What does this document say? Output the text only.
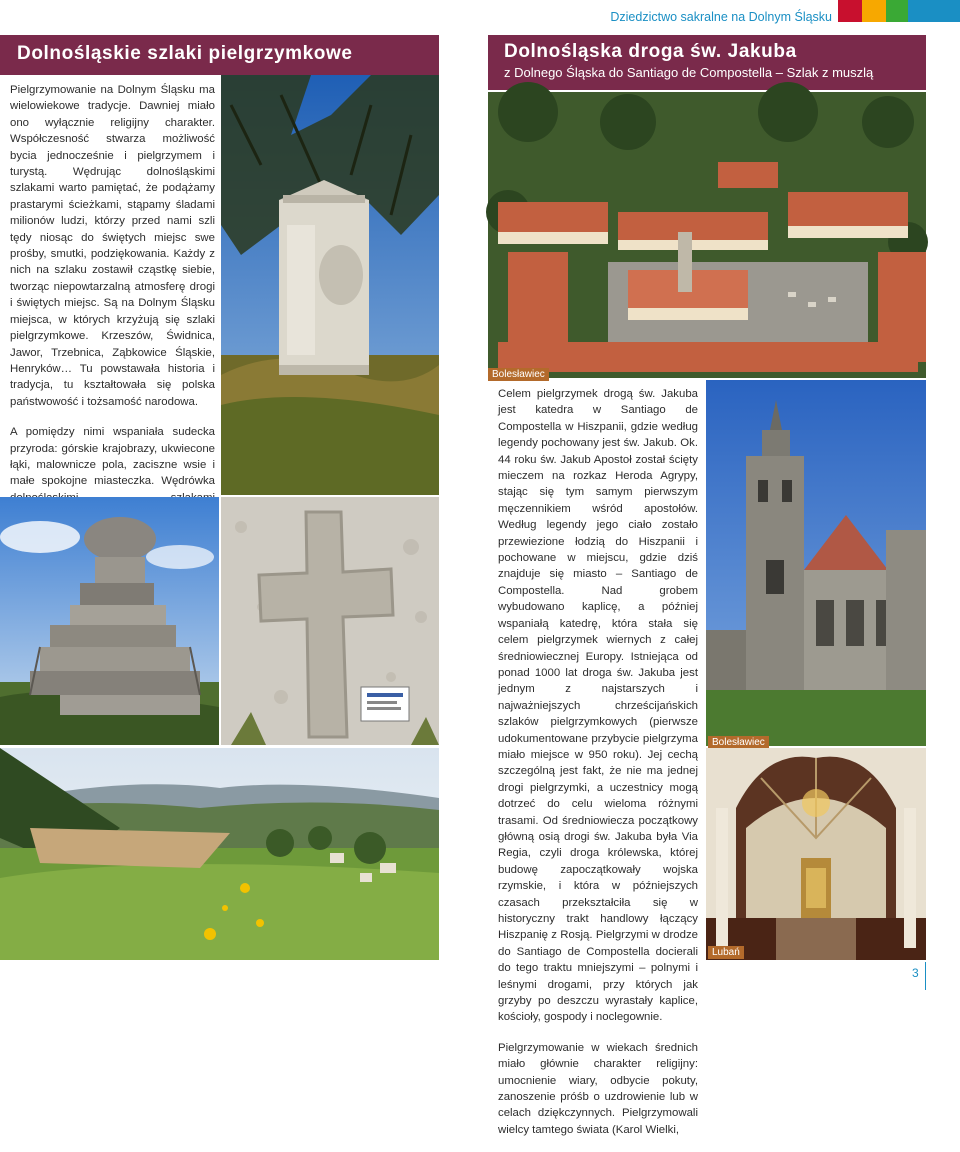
Dziedzictwo sakralne na Dolnym Śląsku
Dolnośląskie szlaki pielgrzymkowe	Dolnośląska droga św. Jakuba
z Dolnego Śląska do Santiago de Compostella – Szlak z muszlą

Pielgrzymowanie na Dolnym Śląsku ma wielowiekowe tradycje. Dawniej miało ono wyłącznie religijny charakter. Współczesność stwarza możliwość bycia jednocześnie i pielgrzymem i turystą. Wędrując dolnośląskimi szlakami warto pamiętać, że podążamy prastarymi ścieżkami, stąpamy śladami milionów ludzi, którzy przed nami szli tędy niosąc do świętych miejsc swe prośby, smutki, podziękowania. Każdy z nich na szlaku zostawił cząstkę siebie, tworząc niepowtarzalną atmosferę drogi i świętych miejsc. Są na Dolnym Śląsku miejsca, w których krzyżują się szlaki pielgrzymkowe. Krzeszów, Świdnica, Jawor, Trzebnica, Ząbkowice Śląskie, Henryków… Tu powstawała historia i tradycja, tu kształtowała się polska państwowość i tożsamość narodowa.

A pomiędzy nimi wspaniała sudecka przyroda: górskie krajobrazy, ukwiecone łąki, malownicze pola, zaciszne wsie i małe spokojne miasteczka. Wędrówka

Bolesławiec

Celem pielgrzymek drogą św. Jakuba jest katedra w Santiago de Compostella w Hiszpanii, gdzie według legendy pochowany jest św. Jakub. Ok. 44 roku św. Jakub Apostoł został ścięty mieczem na rozkaz Heroda Agrypy, stając się tym samym pierwszym męczennikiem wśród apostołów. Według legendy jego ciało zostało przewiezione łodzią do Hiszpanii i pochowane w miejscu, gdzie dziś znajduje się miasto – Santiago de Compostella. Nad grobem wybudowano kaplicę, a później wspaniałą katedrę, która stała się celem pielgrzymek wiernych z całej średniowiecznej Europy. Istniejąca od ponad 1000 lat droga św. Jakuba jest jednym z najstarszych i najważniejszych chrześcijańskich szlaków pielgrzymkowych (pierwsze udokumentowane przybycie pielgrzyma miało miejsce w 950 roku). Jej cechą szczególną jest fakt, że nie ma jednej drogi pielgrzymki, a uczestnicy mogą dotrzeć do celu wieloma różnymi trasami. Od średniowiecza początkowy główną osią drogi św. Jakuba była Via Regia, czyli droga królewska, której budowę zapoczątkowały wojska rzymskie, i która w późniejszych czasach przekształciła się w historyczny trakt handlowy łączący Hiszpanię z Rosją. Pielgrzymi w drodze do Santiago de Compostella docierali do tego traktu mniejszymi – polnymi i leśnymi drogami, przy których jak grzyby po deszczu wyrastały kaplice, kościoły, gospody i noclegownie.

Pielgrzymowanie w wiekach średnich miało głównie charakter religijny: umocnienie wiary, odbycie pokuty, zanoszenie próśb o uzdrowienie lub w celach dziękczynnych. Pielgrzymowali wielcy tamtego świata (Karol Wielki,

Bolesławiec
Lubań
3
